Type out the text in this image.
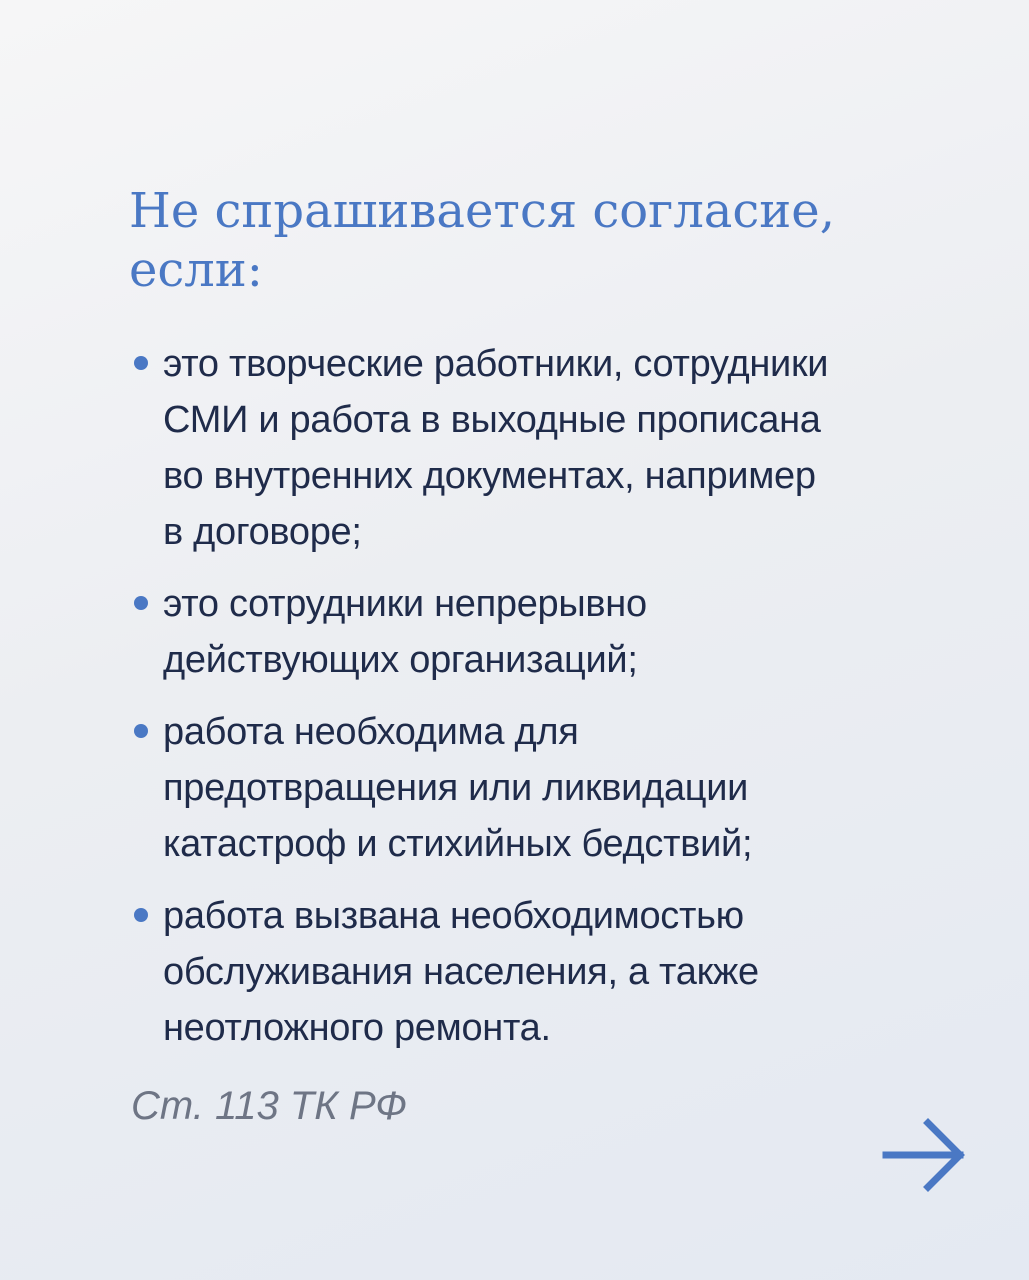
Не спрашивается согласие,
если:
это творческие работники, сотрудники
СМИ и работа в выходные прописана
во внутренних документах, например
в договоре;
это сотрудники непрерывно
действующих организаций;
работа необходима для
предотвращения или ликвидации
катастроф и стихийных бедствий;
работа вызвана необходимостью
обслуживания населения, а также
неотложного ремонта.

Ст. 113 ТК РФ
